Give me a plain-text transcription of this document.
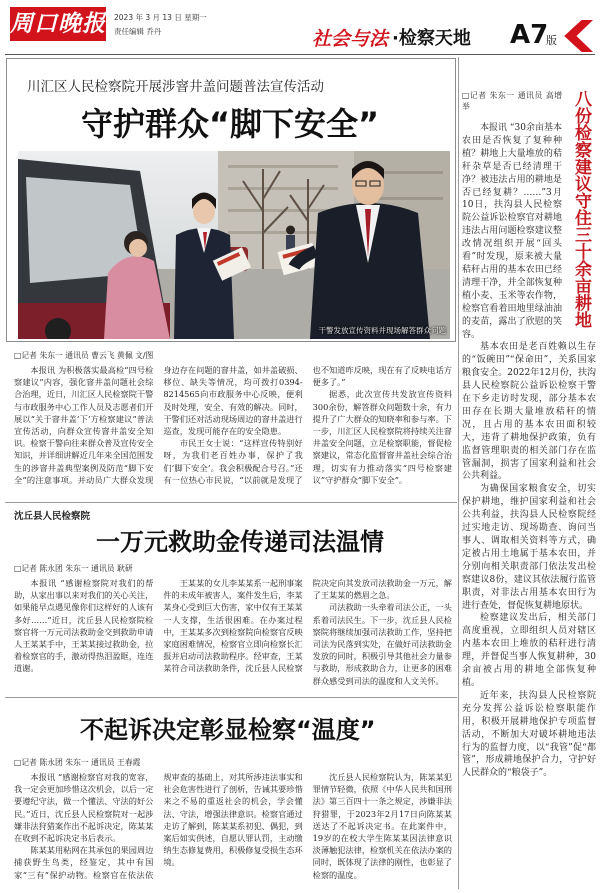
周口晚报 2023 年 3 月 13 日 星期一
责任编辑 乔丹	社会与法 ·检察天地 A7
版
川汇区人民检察院开展涉窨井盖问题普法宣传活动
守护群众“脚下安全”
干警发放宣传资料并现场解答群众问题
□记者 朱东一 通讯员 曹云飞 黄佩 文/图

本报讯 为积极落实最高检“四号检察建议”内容，强化窨井盖问题社会综合治理，近日，川汇区人民检察院干警与市政服务中心工作人员及志愿者们开展以“关于窨井盖‘下’方检察建议”普法宣传活动，向群众宣传窨井盖安全知识。检察干警向往来群众普及宣传安全知识，并详细讲解近几年来全国范围发生的涉窨井盖典型案例及防范“脚下安全”的注意事项。并动员广大群众发现身边存在问题的窨井盖，如井盖破损、移位、缺失等情况，均可拨打0394-8214565向市政服务中心反映，便利及时处理，安全、有效的解决。同时，干警们还对活动现场周边的窨井盖进行巡查，发现可能存在的安全隐患。

市民王女士说：“这样宣传特别好呀，为我们老百姓办事，保护了我们‘脚下安全’。我会积极配合号召。”还有一位热心市民说，“以前就是发现了也不知道咋反映，现在有了反映电话方便多了。”

据悉，此次宣传共发放宣传资料300余份，解答群众问题数十余，有力提升了广大群众的知晓率和参与率。下一步，川汇区人民检察院将持续关注窨井盖安全问题，立足检察职能，督促检察建议，常态化监督窨井盖社会综合治理，切实有力推动落实“四号检察建议”守护群众“脚下安全”。

沈丘县人民检察院
一万元救助金传递司法温情
□记者 陈永团 朱东一 通讯员 耿研

本报讯 “感谢检察院对我们的帮助，从家出事以来对我们的关心关注，如果能早点遇见像你们这样好的人该有多好……”近日，沈丘县人民检察院检察官将一万元司法救助金交到救助申请人王某某手中，王某某接过救助金，拉着检察官的手，激动得热泪盈眶，连连道谢。

王某某的女儿李某某系一起刑事案件的未成年被害人，案件发生后，李某某身心受到巨大伤害，家中仅有王某某一人支撑，生活很困难。在办案过程中，王某某多次到检察院向检察官反映家庭困难情况，检察官立即向检察长汇报并启动司法救助程序。经审查，王某某符合司法救助条件，沈丘县人民检察院决定向其发放司法救助金一万元，解了王某某的燃眉之急。

司法救助一头牵着司法公正，一头系着司法民生。下一步，沈丘县人民检察院将继续加强司法救助工作，坚持把司法为民落到实处，在做好司法救助金发放的同时，积极引导其他社会力量参与救助，形成救助合力，让更多的困难群众感受到司法的温度和人文关怀。

不起诉决定彰显检察“温度”
□记者 陈永团 朱东一 通讯员 王春霞

本报讯 “感谢检察官对我的宽容，我一定会更加珍惜这次机会，以后一定要遵纪守法，做一个懂法、守法的好公民。”近日，沈丘县人民检察院对一起涉嫌非法狩猎案作出不起诉决定，陈某某在收到不起诉决定书后表示。

陈某某用粘网在其承包的果园周边捕获野生鸟类，经鉴定，其中有国家“三有”保护动物。检察官在依法依规审查的基础上，对其所涉违法事实和社会危害性进行了剖析，告诫其要珍惜来之不易的重返社会的机会，学会懂法、守法，增强法律意识。检察官通过走访了解到，陈某某系初犯、偶犯，到案后如实供述，自愿认罪认罚，主动缴纳生态修复费用，积极修复受损生态环境。

沈丘县人民检察院认为，陈某某犯罪情节轻微，依照《中华人民共和国刑法》第三百四十一条之规定，涉嫌非法狩猎罪，于2023年2月17日向陈某某送达了不起诉决定书。在此案件中，19岁的在校大学生陈某某因法律意识淡薄触犯法律，检察机关在依法办案的同时，既体现了法律的刚性，也彰显了检察的温度。

八份检察建议守住三十余亩耕地
□记者 朱东一 通讯员 高增举

本报讯 “30余亩基本农田是否恢复了复种种植？耕地上大量堆放的秸秆杂草是否已经清理干净？被违法占用的耕地是否已经复耕？……”3月10日，扶沟县人民检察院公益诉讼检察官对耕地违法占用问题检察建议整改情况组织开展“回头看”时发现，原来被大量秸秆占用的基本农田已经清理干净，并全部恢复种植小麦、玉米等农作物，检察官看着田地里绿油油的麦苗，露出了欣慰的笑容。

基本农田是老百姓赖以生存的“饭碗田”“保命田”，关系国家粮食安全。2022年12月份，扶沟县人民检察院公益诉讼检察干警在下乡走访时发现，部分基本农田存在长期大量堆放秸秆的情况，且占用的基本农田面积较大，违背了耕地保护政策，负有监督管理职责的相关部门存在监管漏洞，损害了国家利益和社会公共利益。

为确保国家粮食安全，切实保护耕地，维护国家利益和社会公共利益，扶沟县人民检察院经过实地走访、现场勘查、询问当事人、调取相关资料等方式，确定被占用土地属于基本农田，并分别向相关职责部门依法发出检察建议8份，建议其依法履行监管职责，对非法占用基本农田行为进行查处，督促恢复耕地原状。

检察建议发出后，相关部门高度重视，立即组织人员对辖区内基本农田上堆放的秸秆进行清理，并督促当事人恢复耕种，30余亩被占用的耕地全部恢复种植。

近年来，扶沟县人民检察院充分发挥公益诉讼检察职能作用，积极开展耕地保护专项监督活动，不断加大对破坏耕地违法行为的监督力度，以“我管”促“都管”，形成耕地保护合力，守护好人民群众的“粮袋子”。
